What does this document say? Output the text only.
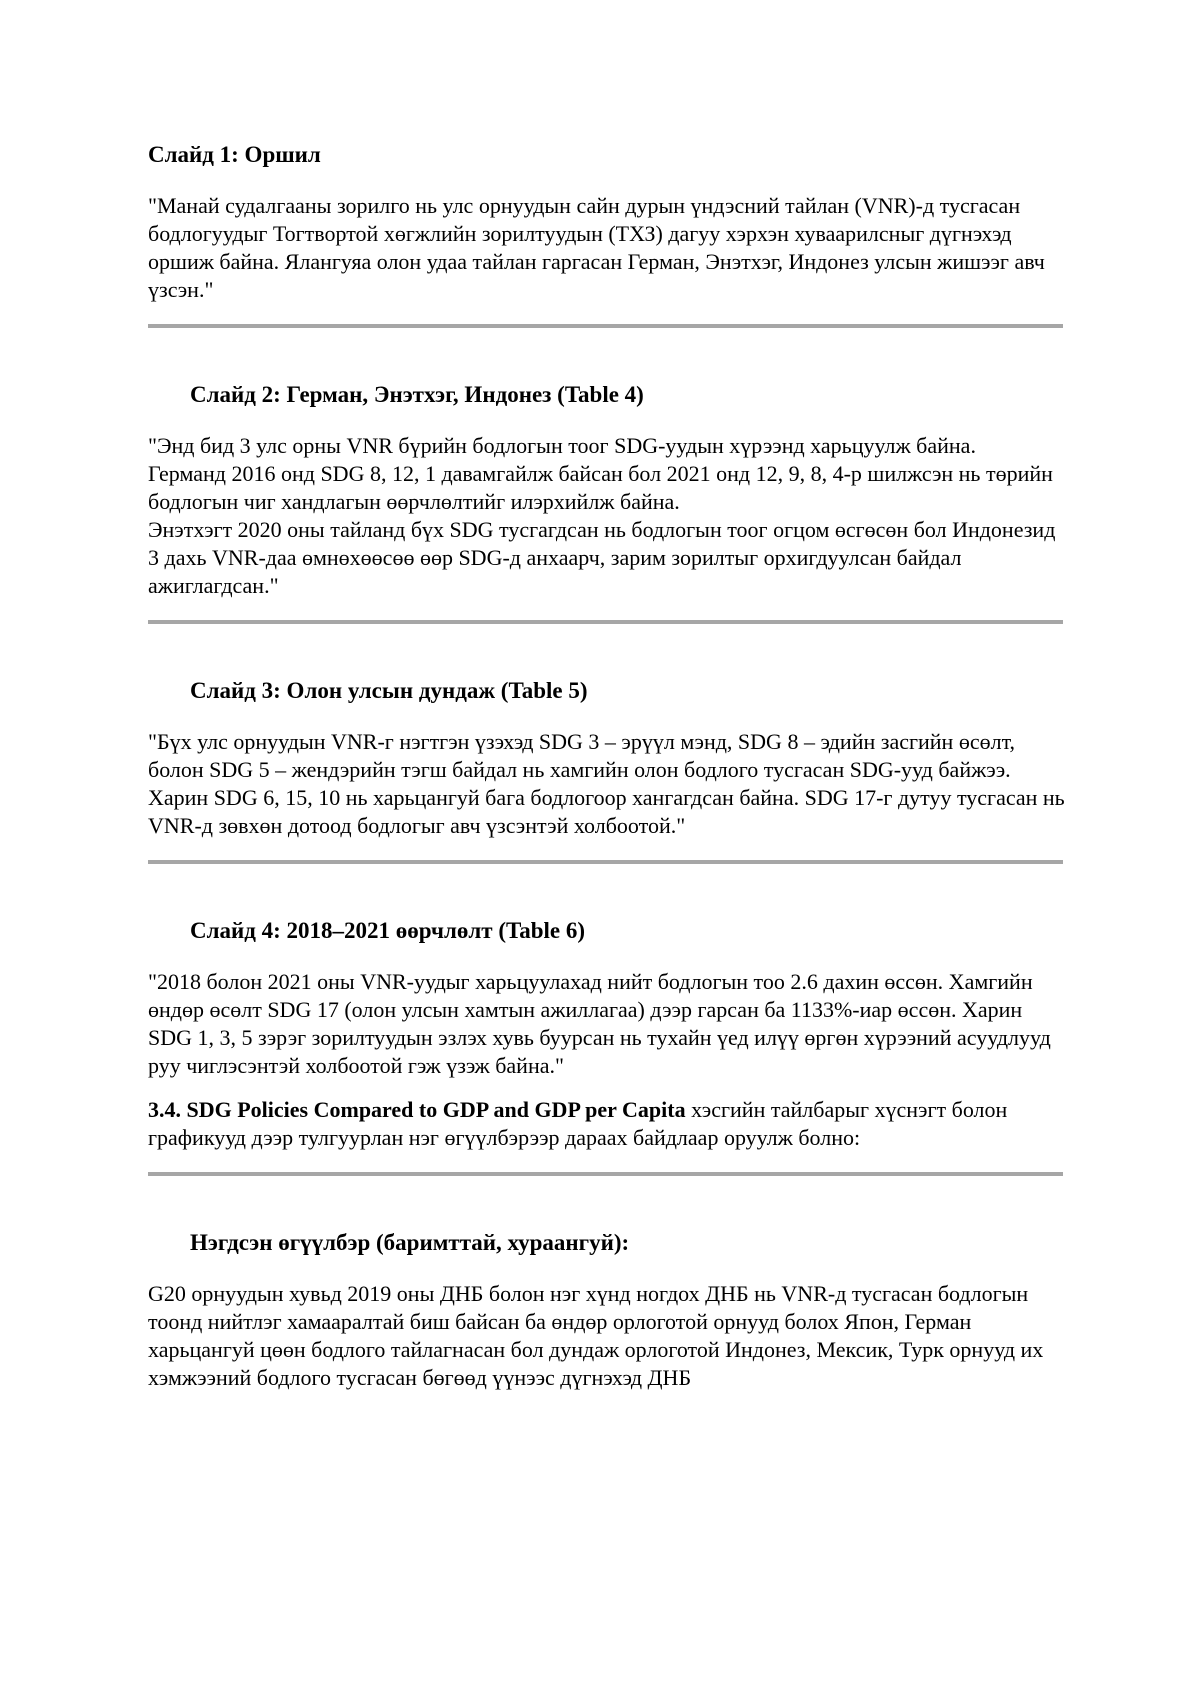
Слайд 1: Оршил

"Манай судалгааны зорилго нь улс орнуудын сайн дурын үндэсний тайлан (VNR)-д тусгасан бодлогуудыг Тогтвортой хөгжлийн зорилтуудын (ТХЗ) дагуу хэрхэн хуваарилсныг дүгнэхэд оршиж байна. Ялангуяа олон удаа тайлан гаргасан Герман, Энэтхэг, Индонез улсын жишээг авч үзсэн."

Слайд 2: Герман, Энэтхэг, Индонез (Table 4)

"Энд бид 3 улс орны VNR бүрийн бодлогын тоог SDG-уудын хүрээнд харьцуулж байна.

Германд 2016 онд SDG 8, 12, 1 давамгайлж байсан бол 2021 онд 12, 9, 8, 4-р шилжсэн нь төрийн бодлогын чиг хандлагын өөрчлөлтийг илэрхийлж байна.

Энэтхэгт 2020 оны тайланд бүх SDG тусгагдсан нь бодлогын тоог огцом өсгөсөн бол Индонезид 3 дахь VNR-даа өмнөхөөсөө өөр SDG-д анхаарч, зарим зорилтыг орхигдуулсан байдал ажиглагдсан."

Слайд 3: Олон улсын дундаж (Table 5)

"Бүх улс орнуудын VNR-г нэгтгэн үзэхэд SDG 3 – эрүүл мэнд, SDG 8 – эдийн засгийн өсөлт, болон SDG 5 – жендэрийн тэгш байдал нь хамгийн олон бодлого тусгасан SDG-ууд байжээ. Харин SDG 6, 15, 10 нь харьцангуй бага бодлогоор хангагдсан байна. SDG 17-г дутуу тусгасан нь VNR-д зөвхөн дотоод бодлогыг авч үзсэнтэй холбоотой."

Слайд 4: 2018–2021 өөрчлөлт (Table 6)

"2018 болон 2021 оны VNR-уудыг харьцуулахад нийт бодлогын тоо 2.6 дахин өссөн. Хамгийн өндөр өсөлт SDG 17 (олон улсын хамтын ажиллагаа) дээр гарсан ба 1133%-иар өссөн. Харин SDG 1, 3, 5 зэрэг зорилтуудын эзлэх хувь буурсан нь тухайн үед илүү өргөн хүрээний асуудлууд руу чиглэсэнтэй холбоотой гэж үзэж байна."

3.4. SDG Policies Compared to GDP and GDP per Capita хэсгийн тайлбарыг хүснэгт болон графикууд дээр тулгуурлан нэг өгүүлбэрээр дараах байдлаар оруулж болно:

Нэгдсэн өгүүлбэр (баримттай, хураангуй):

G20 орнуудын хувьд 2019 оны ДНБ болон нэг хүнд ногдох ДНБ нь VNR-д тусгасан бодлогын тоонд нийтлэг хамааралтай биш байсан ба өндөр орлоготой орнууд болох Япон, Герман харьцангуй цөөн бодлого тайлагнасан бол дундаж орлоготой Индонез, Мексик, Турк орнууд их хэмжээний бодлого тусгасан бөгөөд үүнээс дүгнэхэд ДНБ
